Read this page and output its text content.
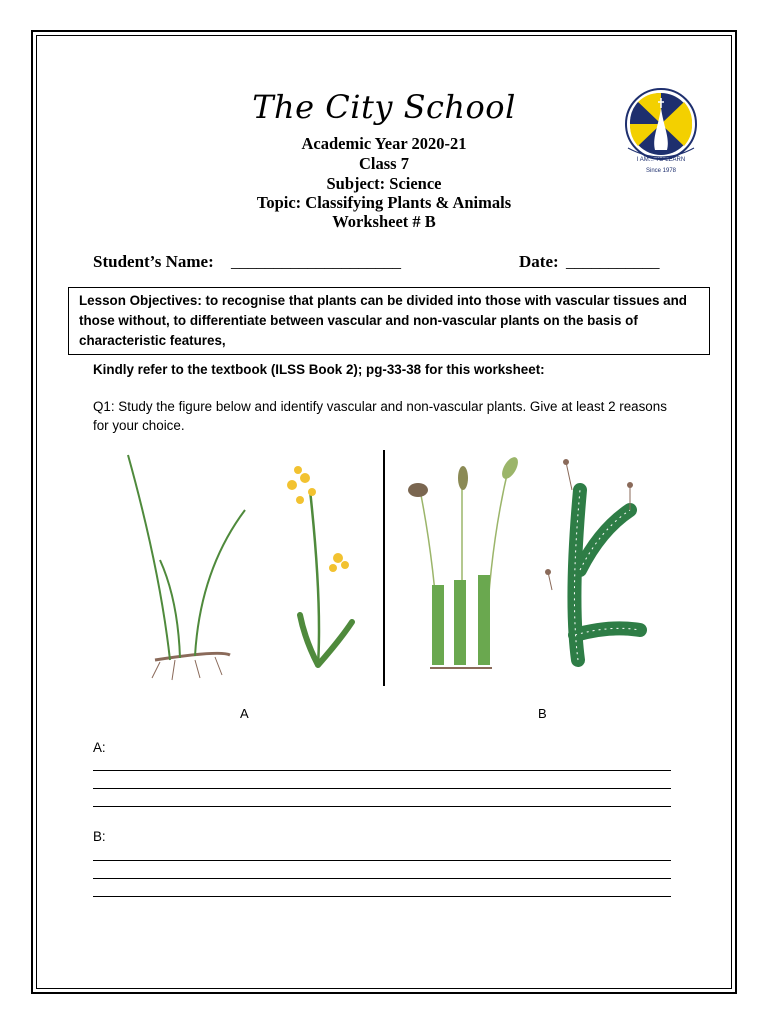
The City School
Academic Year 2020-21
Class 7
Subject: Science
Topic: Classifying Plants & Animals
Worksheet # B
I AM... TO LEARN
Since 1978
Student’s Name: ____________________	Date: ___________
Lesson Objectives: to recognise that plants can be divided into those with vascular tissues and those without, to differentiate between vascular and non-vascular plants on the basis of characteristic features,
Kindly refer to the textbook (ILSS Book 2); pg-33-38 for this worksheet:
Q1: Study the figure below and identify vascular and non-vascular plants. Give at least 2 reasons for your choice.
A	B
A:
B:
